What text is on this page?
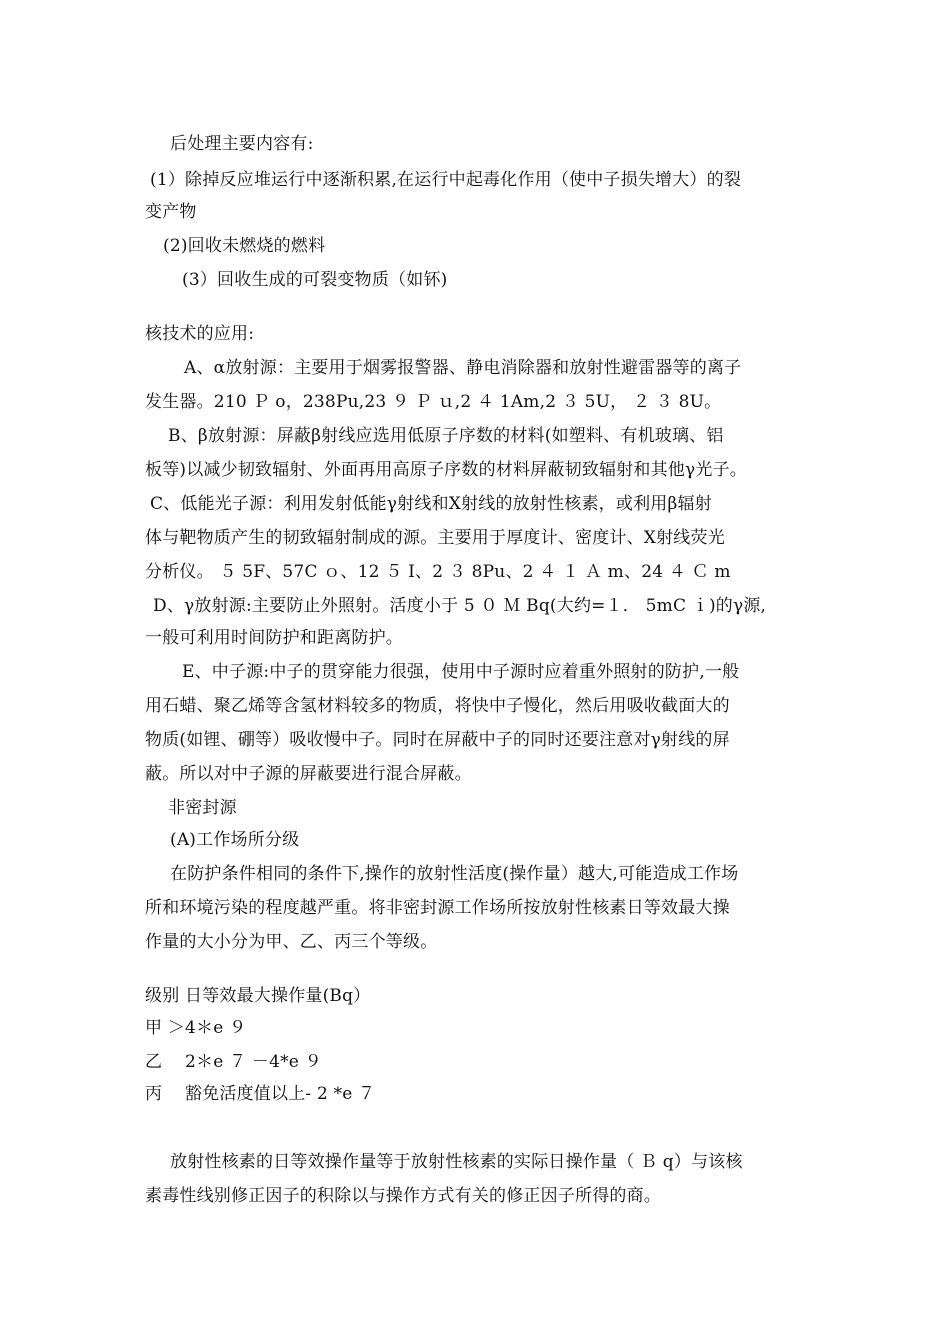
后处理主要内容有:
(1）除掉反应堆运行中逐渐积累,在运行中起毒化作用（使中子损失增大）的裂
变产物
(2)回收未燃烧的燃料
(3）回收生成的可裂变物质（如钚)
核技术的应用:
A、α放射源：主要用于烟雾报警器、静电消除器和放射性避雷器等的离子
发生器。210 Ｐ o，238Pu,23 ９ Ｐ ｕ,2 ４ 1Am,2 ３ 5U， ２ ３ 8U。
B、β放射源：屏蔽β射线应选用低原子序数的材料(如塑料、有机玻璃、铝
板等)以减少韧致辐射、外面再用高原子序数的材料屏蔽韧致辐射和其他γ光子。
C、低能光子源：利用发射低能γ射线和X射线的放射性核素，或利用β辐射
体与靶物质产生的韧致辐射制成的源。主要用于厚度计、密度计、X射线荧光
分析仪。 ５ 5F、57C ｏ、12 ５ I、2 ３ 8Pu、2 ４ １ Ａ m、24 ４ Ｃ m
D、γ放射源:主要防止外照射。活度小于 5 ０ Ｍ Bq(大约=１． 5mC ｉ)的γ源,
一般可利用时间防护和距离防护。
E、中子源:中子的贯穿能力很强，使用中子源时应着重外照射的防护,一般
用石蜡、聚乙烯等含氢材料较多的物质，将快中子慢化，然后用吸收截面大的
物质(如锂、硼等）吸收慢中子。同时在屏蔽中子的同时还要注意对γ射线的屏
蔽。所以对中子源的屏蔽要进行混合屏蔽。
非密封源
(A)工作场所分级
在防护条件相同的条件下,操作的放射性活度(操作量）越大,可能造成工作场
所和环境污染的程度越严重。将非密封源工作场所按放射性核素日等效最大操
作量的大小分为甲、乙、丙三个等级。
级别 日等效最大操作量(Bq）
甲 ＞4＊e ９
乙　 2＊e ７ －4*e ９
丙　 豁免活度值以上- 2 *e ７
放射性核素的日等效操作量等于放射性核素的实际日操作量（ Ｂ q）与该核
素毒性线别修正因子的积除以与操作方式有关的修正因子所得的商。
